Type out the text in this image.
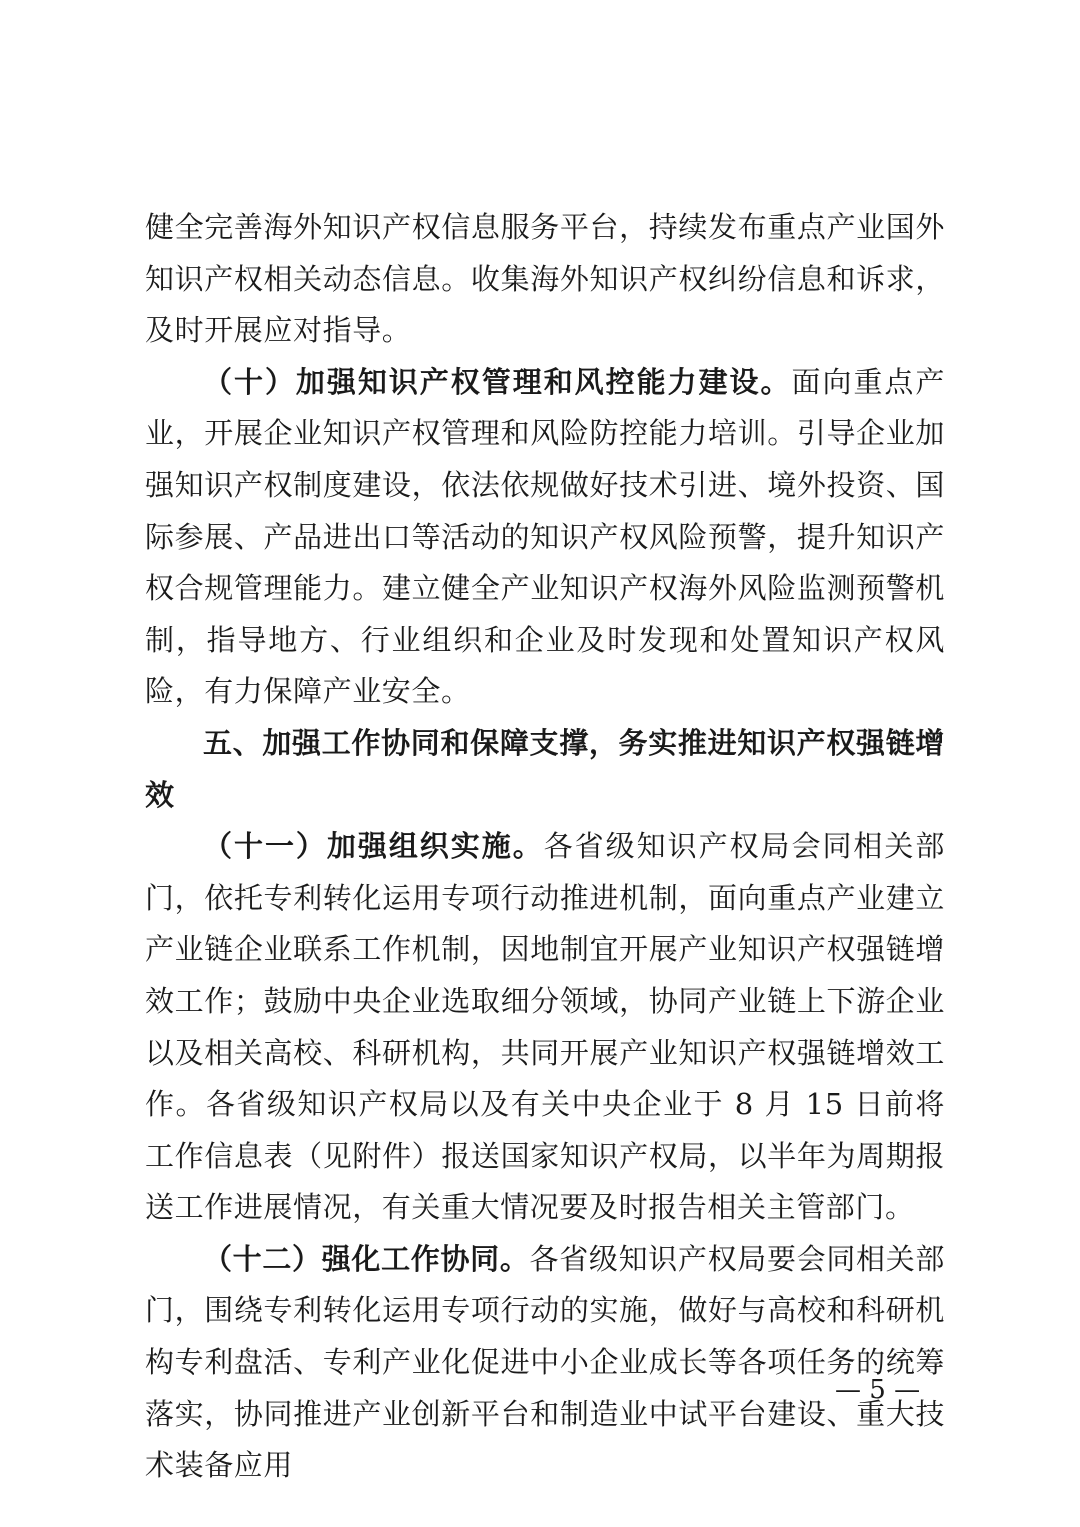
健全完善海外知识产权信息服务平台，持续发布重点产业国外知识产权相关动态信息。收集海外知识产权纠纷信息和诉求，及时开展应对指导。

（十）加强知识产权管理和风控能力建设。面向重点产业，开展企业知识产权管理和风险防控能力培训。引导企业加强知识产权制度建设，依法依规做好技术引进、境外投资、国际参展、产品进出口等活动的知识产权风险预警，提升知识产权合规管理能力。建立健全产业知识产权海外风险监测预警机制，指导地方、行业组织和企业及时发现和处置知识产权风险，有力保障产业安全。

五、加强工作协同和保障支撑，务实推进知识产权强链增效

（十一）加强组织实施。各省级知识产权局会同相关部门，依托专利转化运用专项行动推进机制，面向重点产业建立产业链企业联系工作机制，因地制宜开展产业知识产权强链增效工作；鼓励中央企业选取细分领域，协同产业链上下游企业以及相关高校、科研机构，共同开展产业知识产权强链增效工作。各省级知识产权局以及有关中央企业于 8 月 15 日前将工作信息表（见附件）报送国家知识产权局，以半年为周期报送工作进展情况，有关重大情况要及时报告相关主管部门。

（十二）强化工作协同。各省级知识产权局要会同相关部门，围绕专利转化运用专项行动的实施，做好与高校和科研机构专利盘活、专利产业化促进中小企业成长等各项任务的统筹落实，协同推进产业创新平台和制造业中试平台建设、重大技术装备应用

— 5 —
